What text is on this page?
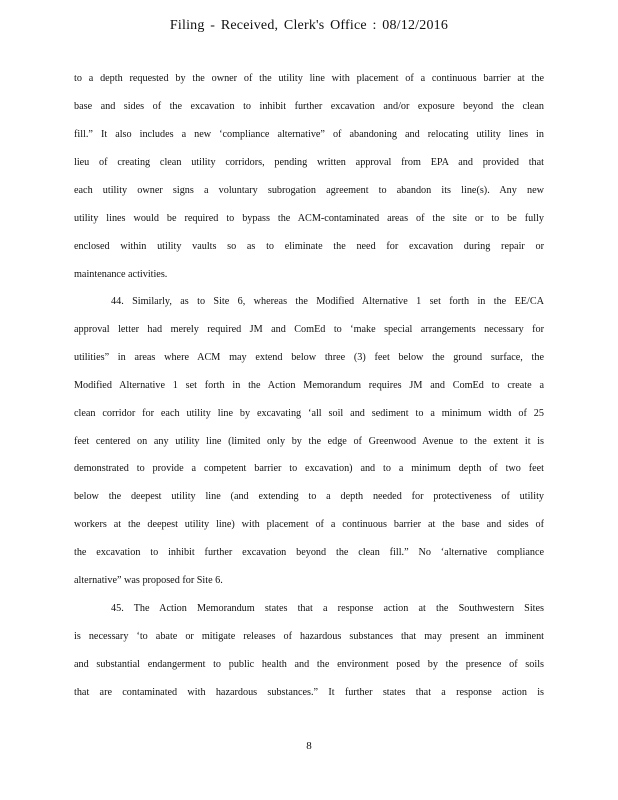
Filing - Received, Clerk's Office : 08/12/2016
to a depth requested by the owner of the utility line with placement of a continuous barrier at the
base and sides of the excavation to inhibit further excavation and/or exposure beyond the clean
fill.” It also includes a new ‘compliance alternative” of abandoning and relocating utility lines in
lieu of creating clean utility corridors, pending written approval from EPA and provided that
each utility owner signs a voluntary subrogation agreement to abandon its line(s). Any new
utility lines would be required to bypass the ACM-contaminated areas of the site or to be fully
enclosed within utility vaults so as to eliminate the need for excavation during repair or
maintenance activities.
44. Similarly, as to Site 6, whereas the Modified Alternative 1 set forth in the EE/CA
approval letter had merely required JM and ComEd to ‘make special arrangements necessary for
utilities” in areas where ACM may extend below three (3) feet below the ground surface, the
Modified Alternative 1 set forth in the Action Memorandum requires JM and ComEd to create a
clean corridor for each utility line by excavating ‘all soil and sediment to a minimum width of 25
feet centered on any utility line (limited only by the edge of Greenwood Avenue to the extent it is
demonstrated to provide a competent barrier to excavation) and to a minimum depth of two feet
below the deepest utility line (and extending to a depth needed for protectiveness of utility
workers at the deepest utility line) with placement of a continuous barrier at the base and sides of
the excavation to inhibit further excavation beyond the clean fill.” No ‘alternative compliance
alternative” was proposed for Site 6.
45. The Action Memorandum states that a response action at the Southwestern Sites
is necessary ‘to abate or mitigate releases of hazardous substances that may present an imminent
and substantial endangerment to public health and the environment posed by the presence of soils
that are contaminated with hazardous substances.” It further states that a response action is
8
